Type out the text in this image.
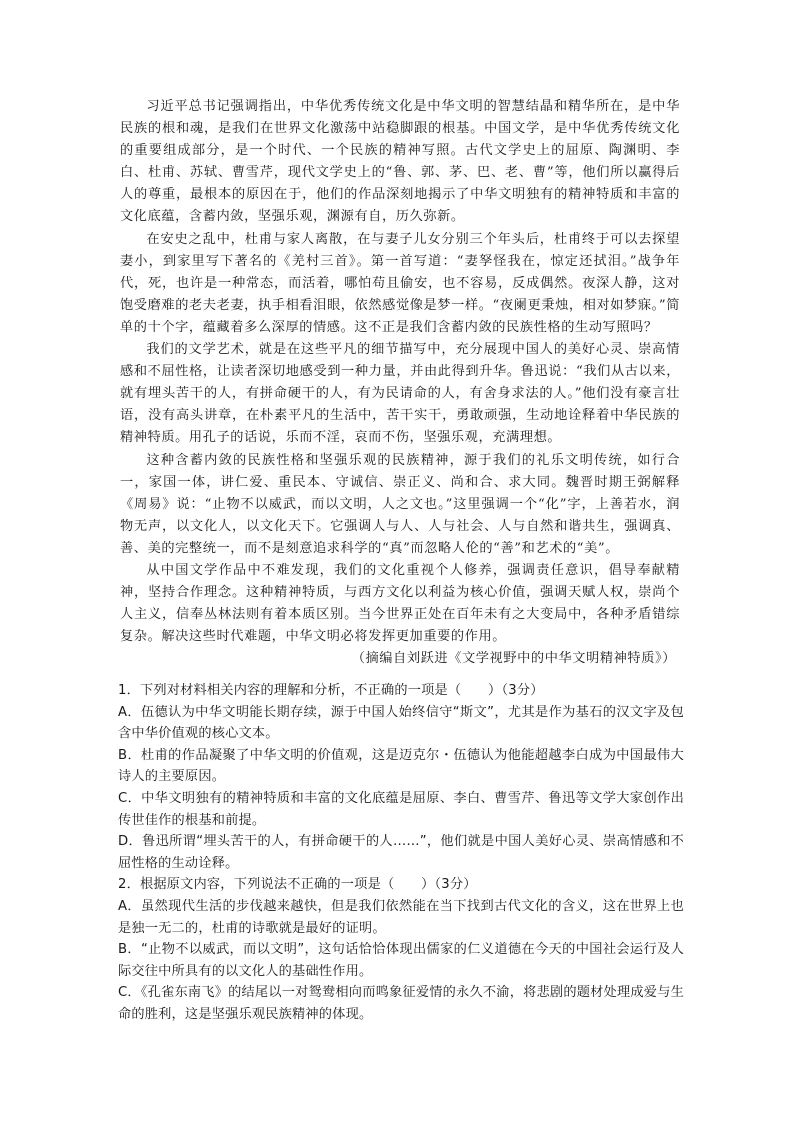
习近平总书记强调指出，中华优秀传统文化是中华文明的智慧结晶和精华所在，是中华民族的根和魂，是我们在世界文化激荡中站稳脚跟的根基。中国文学，是中华优秀传统文化的重要组成部分，是一个时代、一个民族的精神写照。古代文学史上的屈原、陶渊明、李白、杜甫、苏轼、曹雪芹，现代文学史上的“鲁、郭、茅、巴、老、曹”等，他们所以赢得后人的尊重，最根本的原因在于，他们的作品深刻地揭示了中华文明独有的精神特质和丰富的文化底蕴，含蓄内敛，坚强乐观，渊源有自，历久弥新。

在安史之乱中，杜甫与家人离散，在与妻子儿女分别三个年头后，杜甫终于可以去探望妻小，到家里写下著名的《羌村三首》。第一首写道：“妻孥怪我在，惊定还拭泪。”战争年代，死，也许是一种常态，而活着，哪怕苟且偷安，也不容易，反成偶然。夜深人静，这对饱受磨难的老夫老妻，执手相看泪眼，依然感觉像是梦一样。“夜阑更秉烛，相对如梦寐。”简单的十个字，蕴藏着多么深厚的情感。这不正是我们含蓄内敛的民族性格的生动写照吗？

我们的文学艺术，就是在这些平凡的细节描写中，充分展现中国人的美好心灵、崇高情感和不屈性格，让读者深切地感受到一种力量，并由此得到升华。鲁迅说：“我们从古以来，就有埋头苦干的人，有拼命硬干的人，有为民请命的人，有舍身求法的人。”他们没有豪言壮语，没有高头讲章，在朴素平凡的生活中，苦干实干，勇敢顽强，生动地诠释着中华民族的精神特质。用孔子的话说，乐而不淫，哀而不伤，坚强乐观，充满理想。

这种含蓄内敛的民族性格和坚强乐观的民族精神，源于我们的礼乐文明传统，如行合一，家国一体，讲仁爱、重民本、守诚信、崇正义、尚和合、求大同。魏晋时期王弼解释《周易》说：“止物不以威武，而以文明，人之文也。”这里强调一个“化”字，上善若水，润物无声，以文化人，以文化天下。它强调人与人、人与社会、人与自然和谐共生，强调真、善、美的完整统一，而不是刻意追求科学的“真”而忽略人伦的“善”和艺术的“美”。

从中国文学作品中不难发现，我们的文化重视个人修养，强调责任意识，倡导奉献精神，坚持合作理念。这种精神特质，与西方文化以利益为核心价值，强调天赋人权，崇尚个人主义，信奉丛林法则有着本质区别。当今世界正处在百年未有之大变局中，各种矛盾错综复杂。解决这些时代难题，中华文明必将发挥更加重要的作用。

（摘编自刘跃进《文学视野中的中华文明精神特质》）

1．下列对材料相关内容的理解和分析，不正确的一项是（　　）（3分）

A．伍德认为中华文明能长期存续，源于中国人始终信守“斯文”，尤其是作为基石的汉文字及包含中华价值观的核心文本。

B．杜甫的作品凝聚了中华文明的价值观，这是迈克尔・伍德认为他能超越李白成为中国最伟大诗人的主要原因。

C．中华文明独有的精神特质和丰富的文化底蕴是屈原、李白、曹雪芹、鲁迅等文学大家创作出传世佳作的根基和前提。

D．鲁迅所谓“埋头苦干的人，有拼命硬干的人……”，他们就是中国人美好心灵、崇高情感和不屈性格的生动诠释。

2．根据原文内容，下列说法不正确的一项是（　　）（3分）

A．虽然现代生活的步伐越来越快，但是我们依然能在当下找到古代文化的含义，这在世界上也是独一无二的，杜甫的诗歌就是最好的证明。

B．“止物不以威武，而以文明”，这句话恰恰体现出儒家的仁义道德在今天的中国社会运行及人际交往中所具有的以文化人的基础性作用。

C．《孔雀东南飞》的结尾以一对鸳鸯相向而鸣象征爱情的永久不渝，将悲剧的题材处理成爱与生命的胜利，这是坚强乐观民族精神的体现。
